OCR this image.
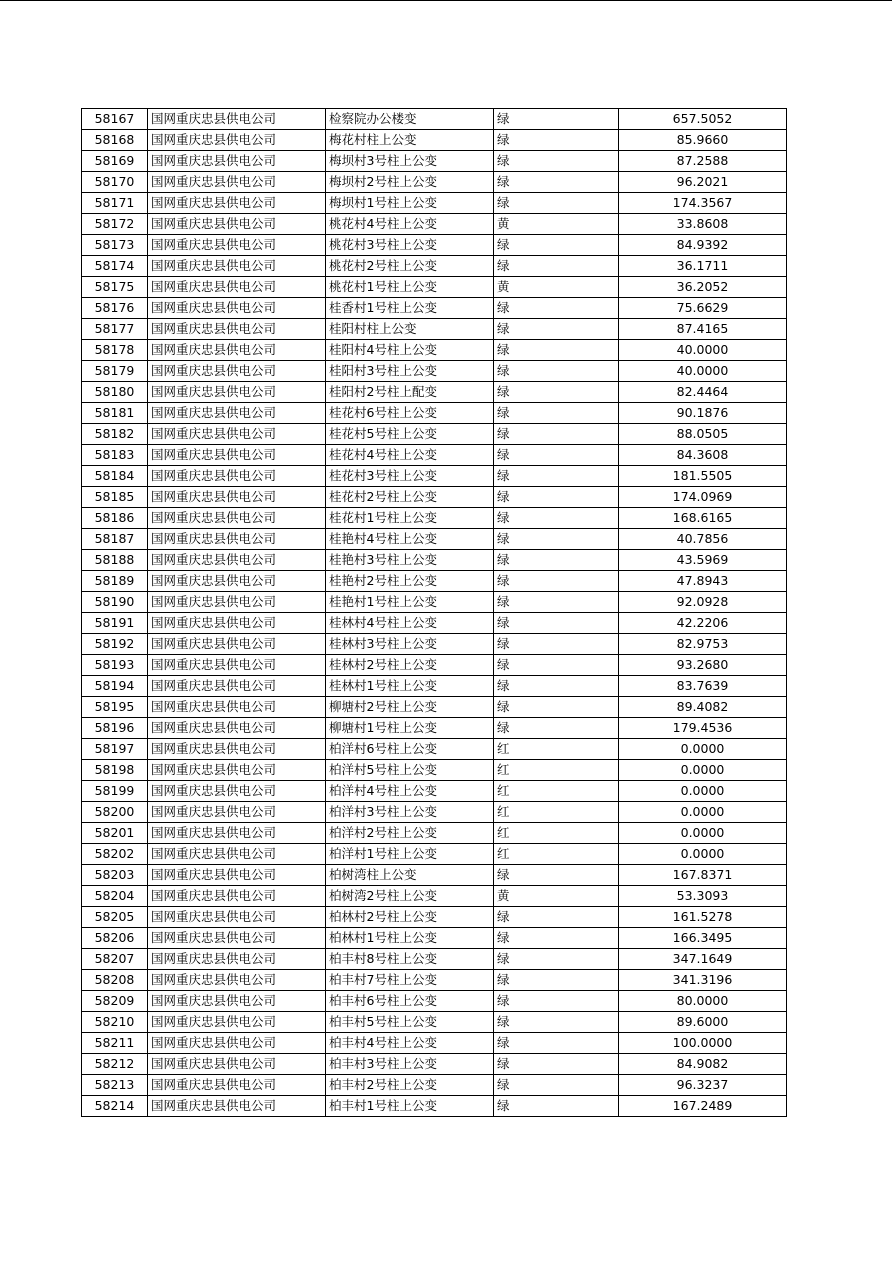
58167	国网重庆忠县供电公司	检察院办公楼变	绿	657.5052
58168	国网重庆忠县供电公司	梅花村柱上公变	绿	85.9660
58169	国网重庆忠县供电公司	梅坝村3号柱上公变	绿	87.2588
58170	国网重庆忠县供电公司	梅坝村2号柱上公变	绿	96.2021
58171	国网重庆忠县供电公司	梅坝村1号柱上公变	绿	174.3567
58172	国网重庆忠县供电公司	桃花村4号柱上公变	黄	33.8608
58173	国网重庆忠县供电公司	桃花村3号柱上公变	绿	84.9392
58174	国网重庆忠县供电公司	桃花村2号柱上公变	绿	36.1711
58175	国网重庆忠县供电公司	桃花村1号柱上公变	黄	36.2052
58176	国网重庆忠县供电公司	桂香村1号柱上公变	绿	75.6629
58177	国网重庆忠县供电公司	桂阳村柱上公变	绿	87.4165
58178	国网重庆忠县供电公司	桂阳村4号柱上公变	绿	40.0000
58179	国网重庆忠县供电公司	桂阳村3号柱上公变	绿	40.0000
58180	国网重庆忠县供电公司	桂阳村2号柱上配变	绿	82.4464
58181	国网重庆忠县供电公司	桂花村6号柱上公变	绿	90.1876
58182	国网重庆忠县供电公司	桂花村5号柱上公变	绿	88.0505
58183	国网重庆忠县供电公司	桂花村4号柱上公变	绿	84.3608
58184	国网重庆忠县供电公司	桂花村3号柱上公变	绿	181.5505
58185	国网重庆忠县供电公司	桂花村2号柱上公变	绿	174.0969
58186	国网重庆忠县供电公司	桂花村1号柱上公变	绿	168.6165
58187	国网重庆忠县供电公司	桂艳村4号柱上公变	绿	40.7856
58188	国网重庆忠县供电公司	桂艳村3号柱上公变	绿	43.5969
58189	国网重庆忠县供电公司	桂艳村2号柱上公变	绿	47.8943
58190	国网重庆忠县供电公司	桂艳村1号柱上公变	绿	92.0928
58191	国网重庆忠县供电公司	桂林村4号柱上公变	绿	42.2206
58192	国网重庆忠县供电公司	桂林村3号柱上公变	绿	82.9753
58193	国网重庆忠县供电公司	桂林村2号柱上公变	绿	93.2680
58194	国网重庆忠县供电公司	桂林村1号柱上公变	绿	83.7639
58195	国网重庆忠县供电公司	柳塘村2号柱上公变	绿	89.4082
58196	国网重庆忠县供电公司	柳塘村1号柱上公变	绿	179.4536
58197	国网重庆忠县供电公司	柏洋村6号柱上公变	红	0.0000
58198	国网重庆忠县供电公司	柏洋村5号柱上公变	红	0.0000
58199	国网重庆忠县供电公司	柏洋村4号柱上公变	红	0.0000
58200	国网重庆忠县供电公司	柏洋村3号柱上公变	红	0.0000
58201	国网重庆忠县供电公司	柏洋村2号柱上公变	红	0.0000
58202	国网重庆忠县供电公司	柏洋村1号柱上公变	红	0.0000
58203	国网重庆忠县供电公司	柏树湾柱上公变	绿	167.8371
58204	国网重庆忠县供电公司	柏树湾2号柱上公变	黄	53.3093
58205	国网重庆忠县供电公司	柏林村2号柱上公变	绿	161.5278
58206	国网重庆忠县供电公司	柏林村1号柱上公变	绿	166.3495
58207	国网重庆忠县供电公司	柏丰村8号柱上公变	绿	347.1649
58208	国网重庆忠县供电公司	柏丰村7号柱上公变	绿	341.3196
58209	国网重庆忠县供电公司	柏丰村6号柱上公变	绿	80.0000
58210	国网重庆忠县供电公司	柏丰村5号柱上公变	绿	89.6000
58211	国网重庆忠县供电公司	柏丰村4号柱上公变	绿	100.0000
58212	国网重庆忠县供电公司	柏丰村3号柱上公变	绿	84.9082
58213	国网重庆忠县供电公司	柏丰村2号柱上公变	绿	96.3237
58214	国网重庆忠县供电公司	柏丰村1号柱上公变	绿	167.2489
